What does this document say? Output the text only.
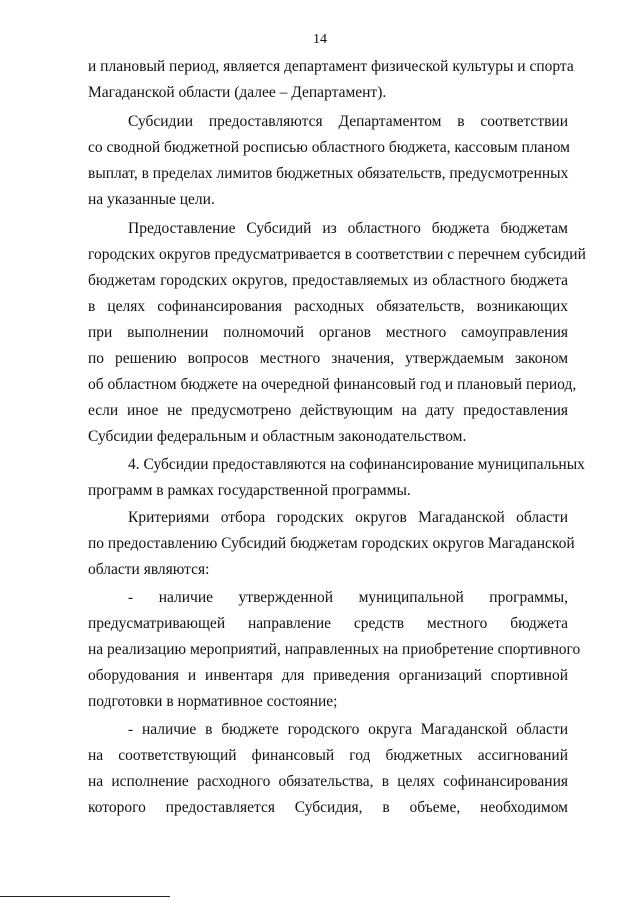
14
и плановый период, является департамент физической культуры и спорта
Магаданской области (далее – Департамент).
Субсидии предоставляются Департаментом в соответствии
со сводной бюджетной росписью областного бюджета, кассовым планом
выплат, в пределах лимитов бюджетных обязательств, предусмотренных
на указанные цели.
Предоставление Субсидий из областного бюджета бюджетам
городских округов предусматривается в соответствии с перечнем субсидий
бюджетам городских округов, предоставляемых из областного бюджета
в целях софинансирования расходных обязательств, возникающих
при выполнении полномочий органов местного самоуправления
по решению вопросов местного значения, утверждаемым законом
об областном бюджете на очередной финансовый год и плановый период,
если иное не предусмотрено действующим на дату предоставления
Субсидии федеральным и областным законодательством.
4. Субсидии предоставляются на софинансирование муниципальных
программ в рамках государственной программы.
Критериями отбора городских округов Магаданской области
по предоставлению Субсидий бюджетам городских округов Магаданской
области являются:
- наличие утвержденной муниципальной программы,
предусматривающей направление средств местного бюджета
на реализацию мероприятий, направленных на приобретение спортивного
оборудования и инвентаря для приведения организаций спортивной
подготовки в нормативное состояние;
- наличие в бюджете городского округа Магаданской области
на соответствующий финансовый год бюджетных ассигнований
на исполнение расходного обязательства, в целях софинансирования
которого предоставляется Субсидия, в объеме, необходимом
